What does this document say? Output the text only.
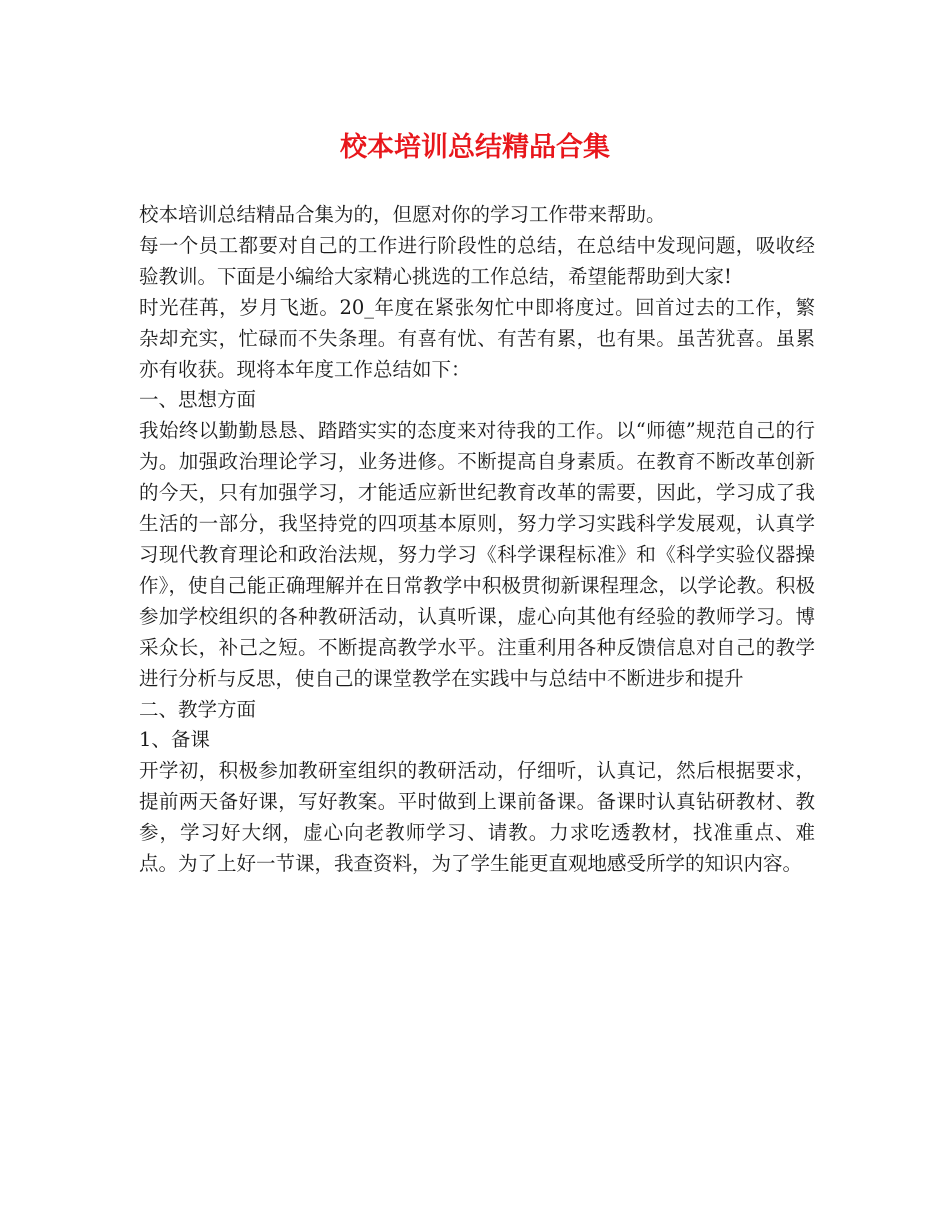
校本培训总结精品合集

校本培训总结精品合集为的，但愿对你的学习工作带来帮助。

每一个员工都要对自己的工作进行阶段性的总结，在总结中发现问题，吸收经验教训。下面是小编给大家精心挑选的工作总结，希望能帮助到大家!

时光荏苒，岁月飞逝。20_年度在紧张匆忙中即将度过。回首过去的工作，繁杂却充实，忙碌而不失条理。有喜有忧、有苦有累，也有果。虽苦犹喜。虽累亦有收获。现将本年度工作总结如下：

一、思想方面

我始终以勤勤恳恳、踏踏实实的态度来对待我的工作。以“师德”规范自己的行为。加强政治理论学习，业务进修。不断提高自身素质。在教育不断改革创新的今天，只有加强学习，才能适应新世纪教育改革的需要，因此，学习成了我生活的一部分，我坚持党的四项基本原则，努力学习实践科学发展观，认真学习现代教育理论和政治法规，努力学习《科学课程标准》和《科学实验仪器操作》，使自己能正确理解并在日常教学中积极贯彻新课程理念，以学论教。积极参加学校组织的各种教研活动，认真听课，虚心向其他有经验的教师学习。博采众长，补己之短。不断提高教学水平。注重利用各种反馈信息对自己的教学进行分析与反思，使自己的课堂教学在实践中与总结中不断进步和提升

二、教学方面

1、备课

开学初，积极参加教研室组织的教研活动，仔细听，认真记，然后根据要求，提前两天备好课，写好教案。平时做到上课前备课。备课时认真钻研教材、教参，学习好大纲，虚心向老教师学习、请教。力求吃透教材，找准重点、难点。为了上好一节课，我查资料，为了学生能更直观地感受所学的知识内容。
